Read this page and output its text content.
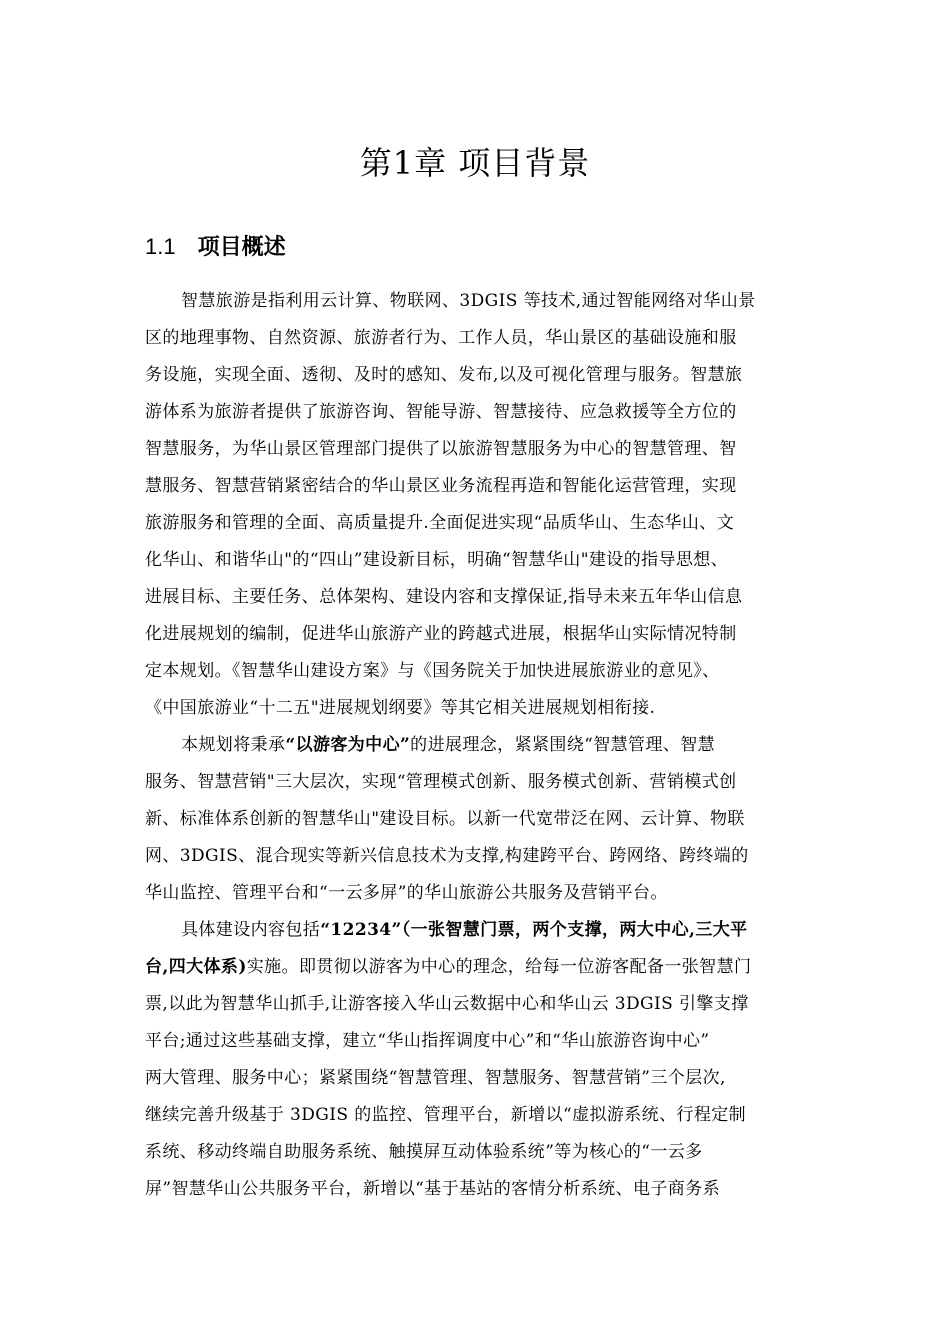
第1章 项目背景
1.1 项目概述
智慧旅游是指利用云计算、物联网、3DGIS 等技术,通过智能网络对华山景
区的地理事物、自然资源、旅游者行为、工作人员，华山景区的基础设施和服
务设施，实现全面、透彻、及时的感知、发布,以及可视化管理与服务。智慧旅
游体系为旅游者提供了旅游咨询、智能导游、智慧接待、应急救援等全方位的
智慧服务，为华山景区管理部门提供了以旅游智慧服务为中心的智慧管理、智
慧服务、智慧营销紧密结合的华山景区业务流程再造和智能化运营管理，实现
旅游服务和管理的全面、高质量提升.全面促进实现“品质华山、生态华山、文
化华山、和谐华山"的“四山”建设新目标，明确“智慧华山"建设的指导思想、
进展目标、主要任务、总体架构、建设内容和支撑保证,指导未来五年华山信息
化进展规划的编制，促进华山旅游产业的跨越式进展，根据华山实际情况特制
定本规划。《智慧华山建设方案》与《国务院关于加快进展旅游业的意见》、
《中国旅游业“十二五"进展规划纲要》等其它相关进展规划相衔接.
本规划将秉承“以游客为中心”的进展理念，紧紧围绕“智慧管理、智慧
服务、智慧营销"三大层次，实现“管理模式创新、服务模式创新、营销模式创
新、标准体系创新的智慧华山"建设目标。以新一代宽带泛在网、云计算、物联
网、3DGIS、混合现实等新兴信息技术为支撑,构建跨平台、跨网络、跨终端的
华山监控、管理平台和“一云多屏”的华山旅游公共服务及营销平台。
具体建设内容包括“12234”（一张智慧门票，两个支撑，两大中心,三大平
台,四大体系)实施。即贯彻以游客为中心的理念，给每一位游客配备一张智慧门
票,以此为智慧华山抓手,让游客接入华山云数据中心和华山云 3DGIS 引擎支撑
平台;通过这些基础支撑，建立“华山指挥调度中心”和“华山旅游咨询中心”
两大管理、服务中心；紧紧围绕“智慧管理、智慧服务、智慧营销”三个层次,
继续完善升级基于 3DGIS 的监控、管理平台，新增以“虚拟游系统、行程定制
系统、移动终端自助服务系统、触摸屏互动体验系统”等为核心的“一云多
屏”智慧华山公共服务平台，新增以“基于基站的客情分析系统、电子商务系
